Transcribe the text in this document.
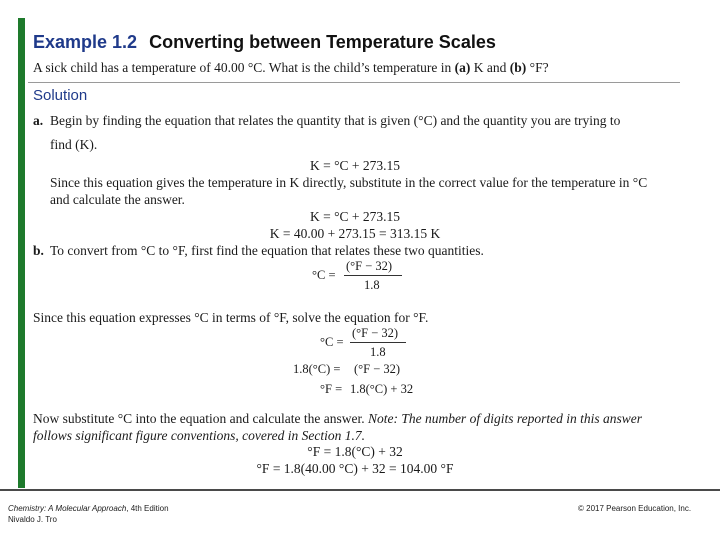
Example 1.2 Converting between Temperature Scales
A sick child has a temperature of 40.00 °C. What is the child’s temperature in (a) K and (b) °F?
Solution
a. Begin by finding the equation that relates the quantity that is given (°C) and the quantity you are trying to
find (K).
K = °C + 273.15
Since this equation gives the temperature in K directly, substitute in the correct value for the temperature in °C
and calculate the answer.
K = °C + 273.15
K = 40.00 + 273.15 = 313.15 K
b. To convert from °C to °F, first find the equation that relates these two quantities.
°C =
(°F − 32)
1.8
Since this equation expresses °C in terms of °F, solve the equation for °F.
°C =
(°F − 32)
1.8
1.8(°C) = (°F − 32)
°F = 1.8(°C) + 32
Now substitute °C into the equation and calculate the answer. Note: The number of digits reported in this answer
follows significant figure conventions, covered in Section 1.7.
°F = 1.8(°C) + 32
°F = 1.8(40.00 °C) + 32 = 104.00 °F
Chemistry: A Molecular Approach, 4th Edition
Nivaldo J. Tro
© 2017 Pearson Education, Inc.
